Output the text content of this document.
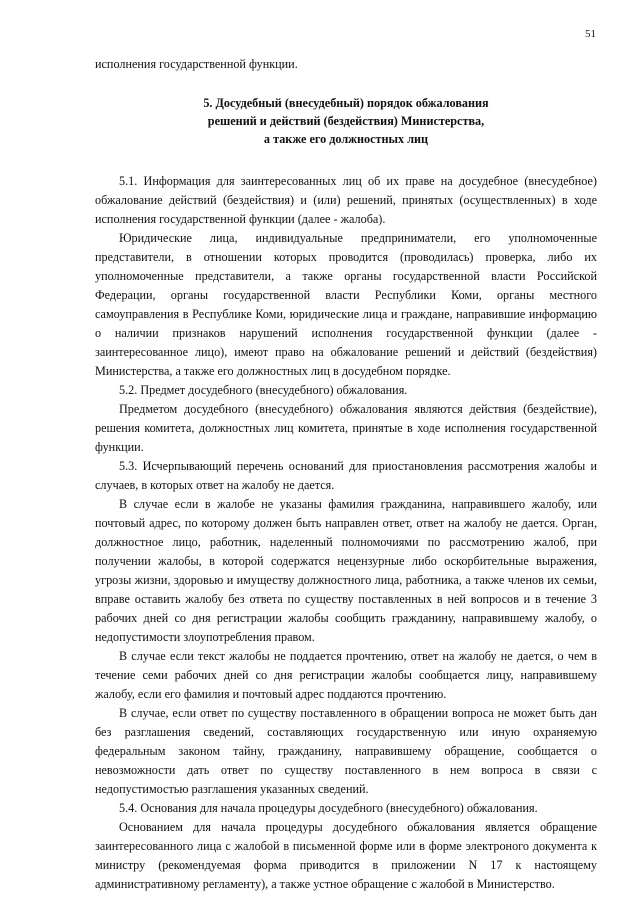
51

исполнения государственной функции.

5. Досудебный (внесудебный) порядок обжалования
решений и действий (бездействия) Министерства,
а также его должностных лиц

5.1. Информация для заинтересованных лиц об их праве на досудебное (внесудебное) обжалование действий (бездействия) и (или) решений, принятых (осуществленных) в ходе исполнения государственной функции (далее - жалоба).

Юридические лица, индивидуальные предприниматели, его уполномоченные представители, в отношении которых проводится (проводилась) проверка, либо их уполномоченные представители, а также органы государственной власти Российской Федерации, органы государственной власти Республики Коми, органы местного самоуправления в Республике Коми, юридические лица и граждане, направившие информацию о наличии признаков нарушений исполнения государственной функции (далее - заинтересованное лицо), имеют право на обжалование решений и действий (бездействия) Министерства, а также его должностных лиц в досудебном порядке.

5.2. Предмет досудебного (внесудебного) обжалования.

Предметом досудебного (внесудебного) обжалования являются действия (бездействие), решения комитета, должностных лиц комитета, принятые в ходе исполнения государственной функции.

5.3. Исчерпывающий перечень оснований для приостановления рассмотрения жалобы и случаев, в которых ответ на жалобу не дается.

В случае если в жалобе не указаны фамилия гражданина, направившего жалобу, или почтовый адрес, по которому должен быть направлен ответ, ответ на жалобу не дается. Орган, должностное лицо, работник, наделенный полномочиями по рассмотрению жалоб, при получении жалобы, в которой содержатся нецензурные либо оскорбительные выражения, угрозы жизни, здоровью и имуществу должностного лица, работника, а также членов их семьи, вправе оставить жалобу без ответа по существу поставленных в ней вопросов и в течение 3 рабочих дней со дня регистрации жалобы сообщить гражданину, направившему жалобу, о недопустимости злоупотребления правом.

В случае если текст жалобы не поддается прочтению, ответ на жалобу не дается, о чем в течение семи рабочих дней со дня регистрации жалобы сообщается лицу, направившему жалобу, если его фамилия и почтовый адрес поддаются прочтению.

В случае, если ответ по существу поставленного в обращении вопроса не может быть дан без разглашения сведений, составляющих государственную или иную охраняемую федеральным законом тайну, гражданину, направившему обращение, сообщается о невозможности дать ответ по существу поставленного в нем вопроса в связи с недопустимостью разглашения указанных сведений.

5.4. Основания для начала процедуры досудебного (внесудебного) обжалования.

Основанием для начала процедуры досудебного обжалования является обращение заинтересованного лица с жалобой в письменной форме или в форме электроного документа к министру (рекомендуемая форма приводится в приложении N 17 к настоящему административному регламенту), а также устное обращение с жалобой в Министерство.
